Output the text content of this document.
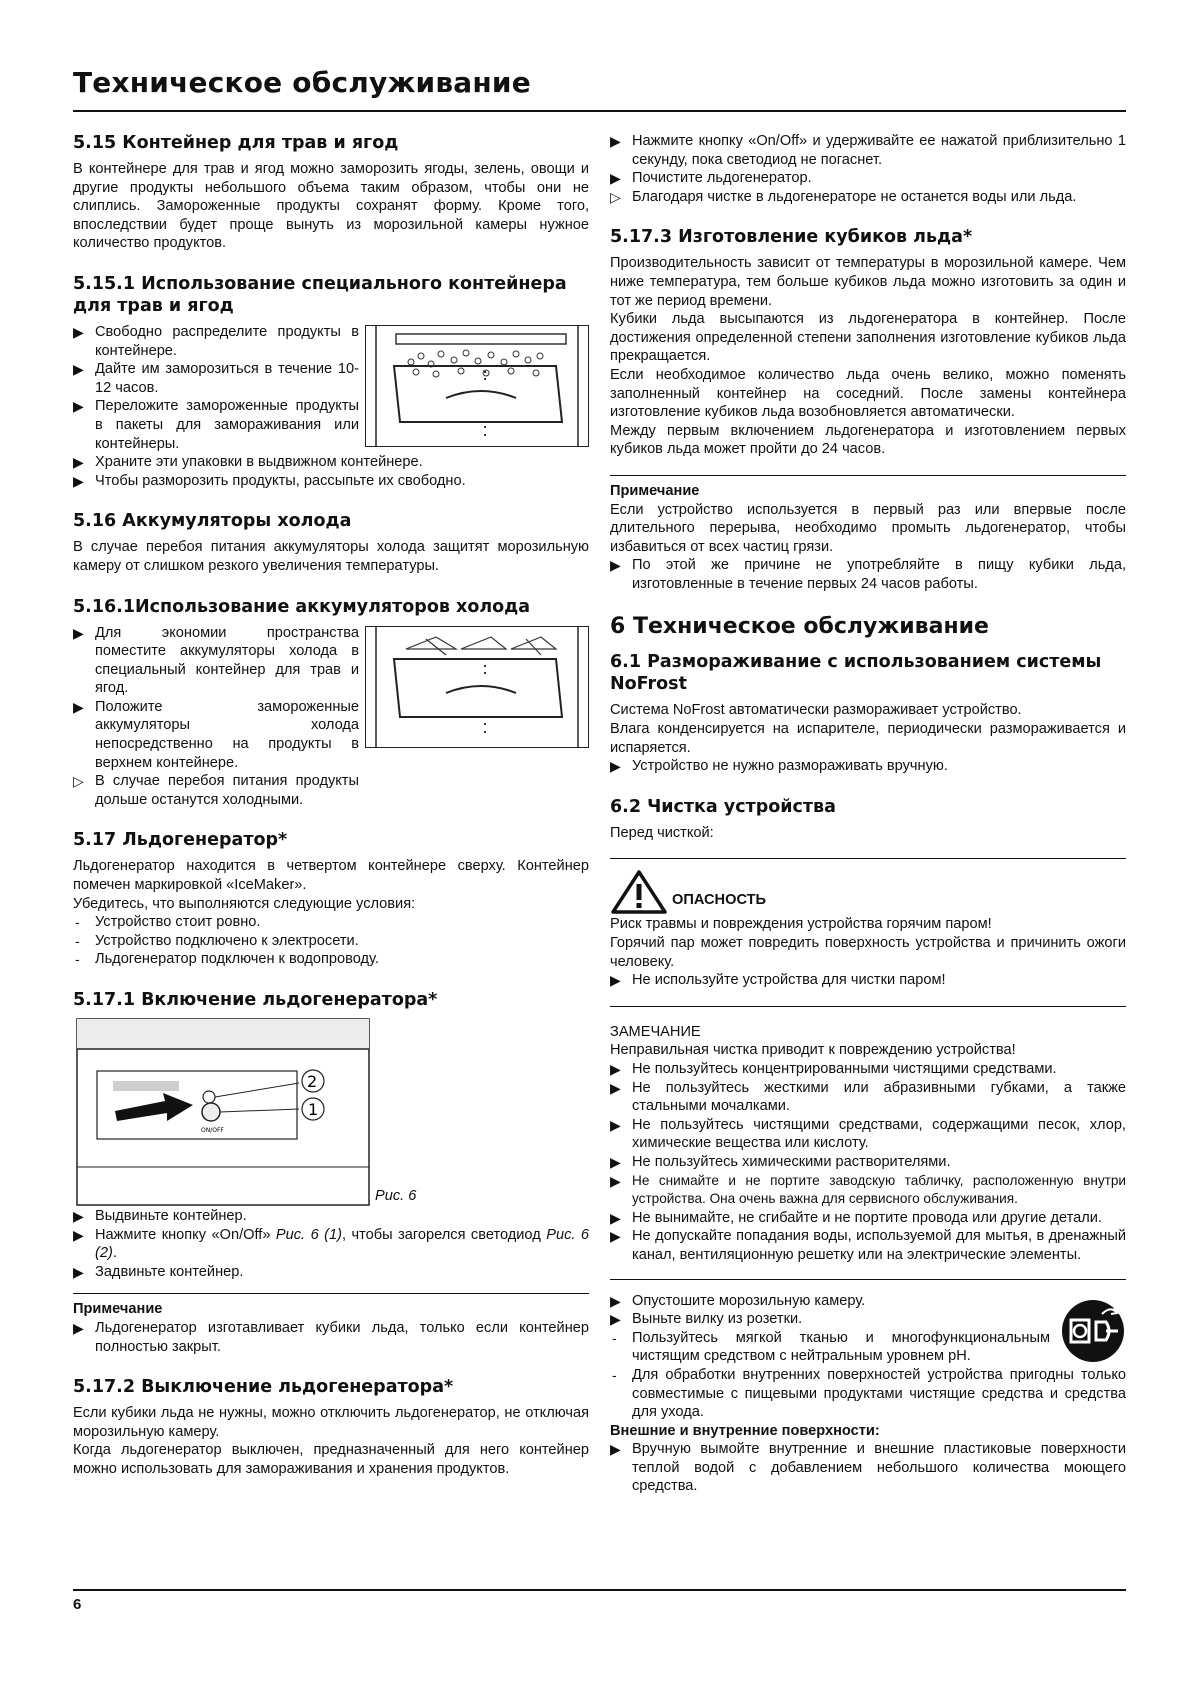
Техническое обслуживание
5.15 Контейнер для трав и ягод

В контейнере для трав и ягод можно заморозить ягоды, зелень, овощи и другие продукты небольшого объема таким образом, чтобы они не слиплись. Замороженные продукты сохранят форму. Кроме того, впоследствии будет проще вынуть из морозильной камеры нужное количество продуктов.

5.15.1 Использование специального контейнера для трав и ягод
▶ Свободно распределите продукты в контейнере.
▶ Дайте им заморозиться в течение 10-12 часов.
▶ Переложите замороженные продукты в пакеты для замораживания или контейнеры.
▶ Храните эти упаковки в выдвижном контейнере.
▶ Чтобы разморозить продукты, рассыпьте их свободно.
5.16 Аккумуляторы холода

В случае перебоя питания аккумуляторы холода защитят морозильную камеру от слишком резкого увеличения температуры.

5.16.1Использование аккумуляторов холода
▶ Для экономии пространства поместите аккумуляторы холода в специальный контейнер для трав и ягод.
▶ Положите замороженные аккумуляторы холода непосредственно на продукты в верхнем контейнере.
▷ В случае перебоя питания продукты дольше останутся холодными.
5.17 Льдогенератор*

Льдогенератор находится в четвертом контейнере сверху. Контейнер помечен маркировкой «IceMaker».

Убедитесь, что выполняются следующие условия:

-	Устройство стоит ровно.
-	Устройство подключено к электросети.
-	Льдогенератор подключен к водопроводу.
5.17.1 Включение льдогенератора*
ON/OFF
2
1
Рис. 6
▶ Выдвиньте контейнер.
▶ Нажмите кнопку «On/Off» Рис. 6 (1), чтобы загорелся светодиод Рис. 6 (2).
▶ Задвиньте контейнер.
Примечание
▶ Льдогенератор изготавливает кубики льда, только если контейнер полностью закрыт.
5.17.2 Выключение льдогенератора*

Если кубики льда не нужны, можно отключить льдогенератор, не отключая морозильную камеру.

Когда льдогенератор выключен, предназначенный для него контейнер можно использовать для замораживания и хранения продуктов.

▶ Нажмите кнопку «On/Off» и удерживайте ее нажатой приблизительно 1 секунду, пока светодиод не погаснет.
▶ Почистите льдогенератор.
▷ Благодаря чистке в льдогенераторе не останется воды или льда.
5.17.3 Изготовление кубиков льда*

Производительность зависит от температуры в морозильной камере. Чем ниже температура, тем больше кубиков льда можно изготовить за один и тот же период времени.

Кубики льда высыпаются из льдогенератора в контейнер. После достижения определенной степени заполнения изготовление кубиков льда прекращается.

Если необходимое количество льда очень велико, можно поменять заполненный контейнер на соседний. После замены контейнера изготовление кубиков льда возобновляется автоматически.

Между первым включением льдогенератора и изготовлением первых кубиков льда может пройти до 24 часов.

Примечание

Если устройство используется в первый раз или впервые после длительного перерыва, необходимо промыть льдогенератор, чтобы избавиться от всех частиц грязи.

▶ По этой же причине не употребляйте в пищу кубики льда, изготовленные в течение первых 24 часов работы.
6 Техническое обслуживание
6.1 Размораживание с использованием системы NoFrost

Система NoFrost автоматически размораживает устройство.

Влага конденсируется на испарителе, периодически размораживается и испаряется.

▶ Устройство не нужно размораживать вручную.
6.2 Чистка устройства

Перед чисткой:

ОПАСНОСТЬ

Риск травмы и повреждения устройства горячим паром!

Горячий пар может повредить поверхность устройства и причинить ожоги человеку.

▶ Не используйте устройства для чистки паром!

ЗАМЕЧАНИЕ

Неправильная чистка приводит к повреждению устройства!

▶ Не пользуйтесь концентрированными чистящими средствами.
▶ Не пользуйтесь жесткими или абразивными губками, а также стальными мочалками.
▶ Не пользуйтесь чистящими средствами, содержащими песок, хлор, химические вещества или кислоту.
▶ Не пользуйтесь химическими растворителями.
▶ Не снимайте и не портите заводскую табличку, расположенную внутри устройства. Она очень важна для сервисного обслуживания.
▶ Не вынимайте, не сгибайте и не портите провода или другие детали.
▶ Не допускайте попадания воды, используемой для мытья, в дренажный канал, вентиляционную решетку или на электрические элементы.
▶ Опустошите морозильную камеру.
▶ Выньте вилку из розетки.
-	Пользуйтесь мягкой тканью и многофункциональным чистящим средством с нейтральным уровнем pH.
-	Для обработки внутренних поверхностей устройства пригодны только совместимые с пищевыми продуктами чистящие средства и средства для ухода.

Внешние и внутренние поверхности:

▶ Вручную вымойте внутренние и внешние пластиковые поверхности теплой водой с добавлением небольшого количества моющего средства.
6
